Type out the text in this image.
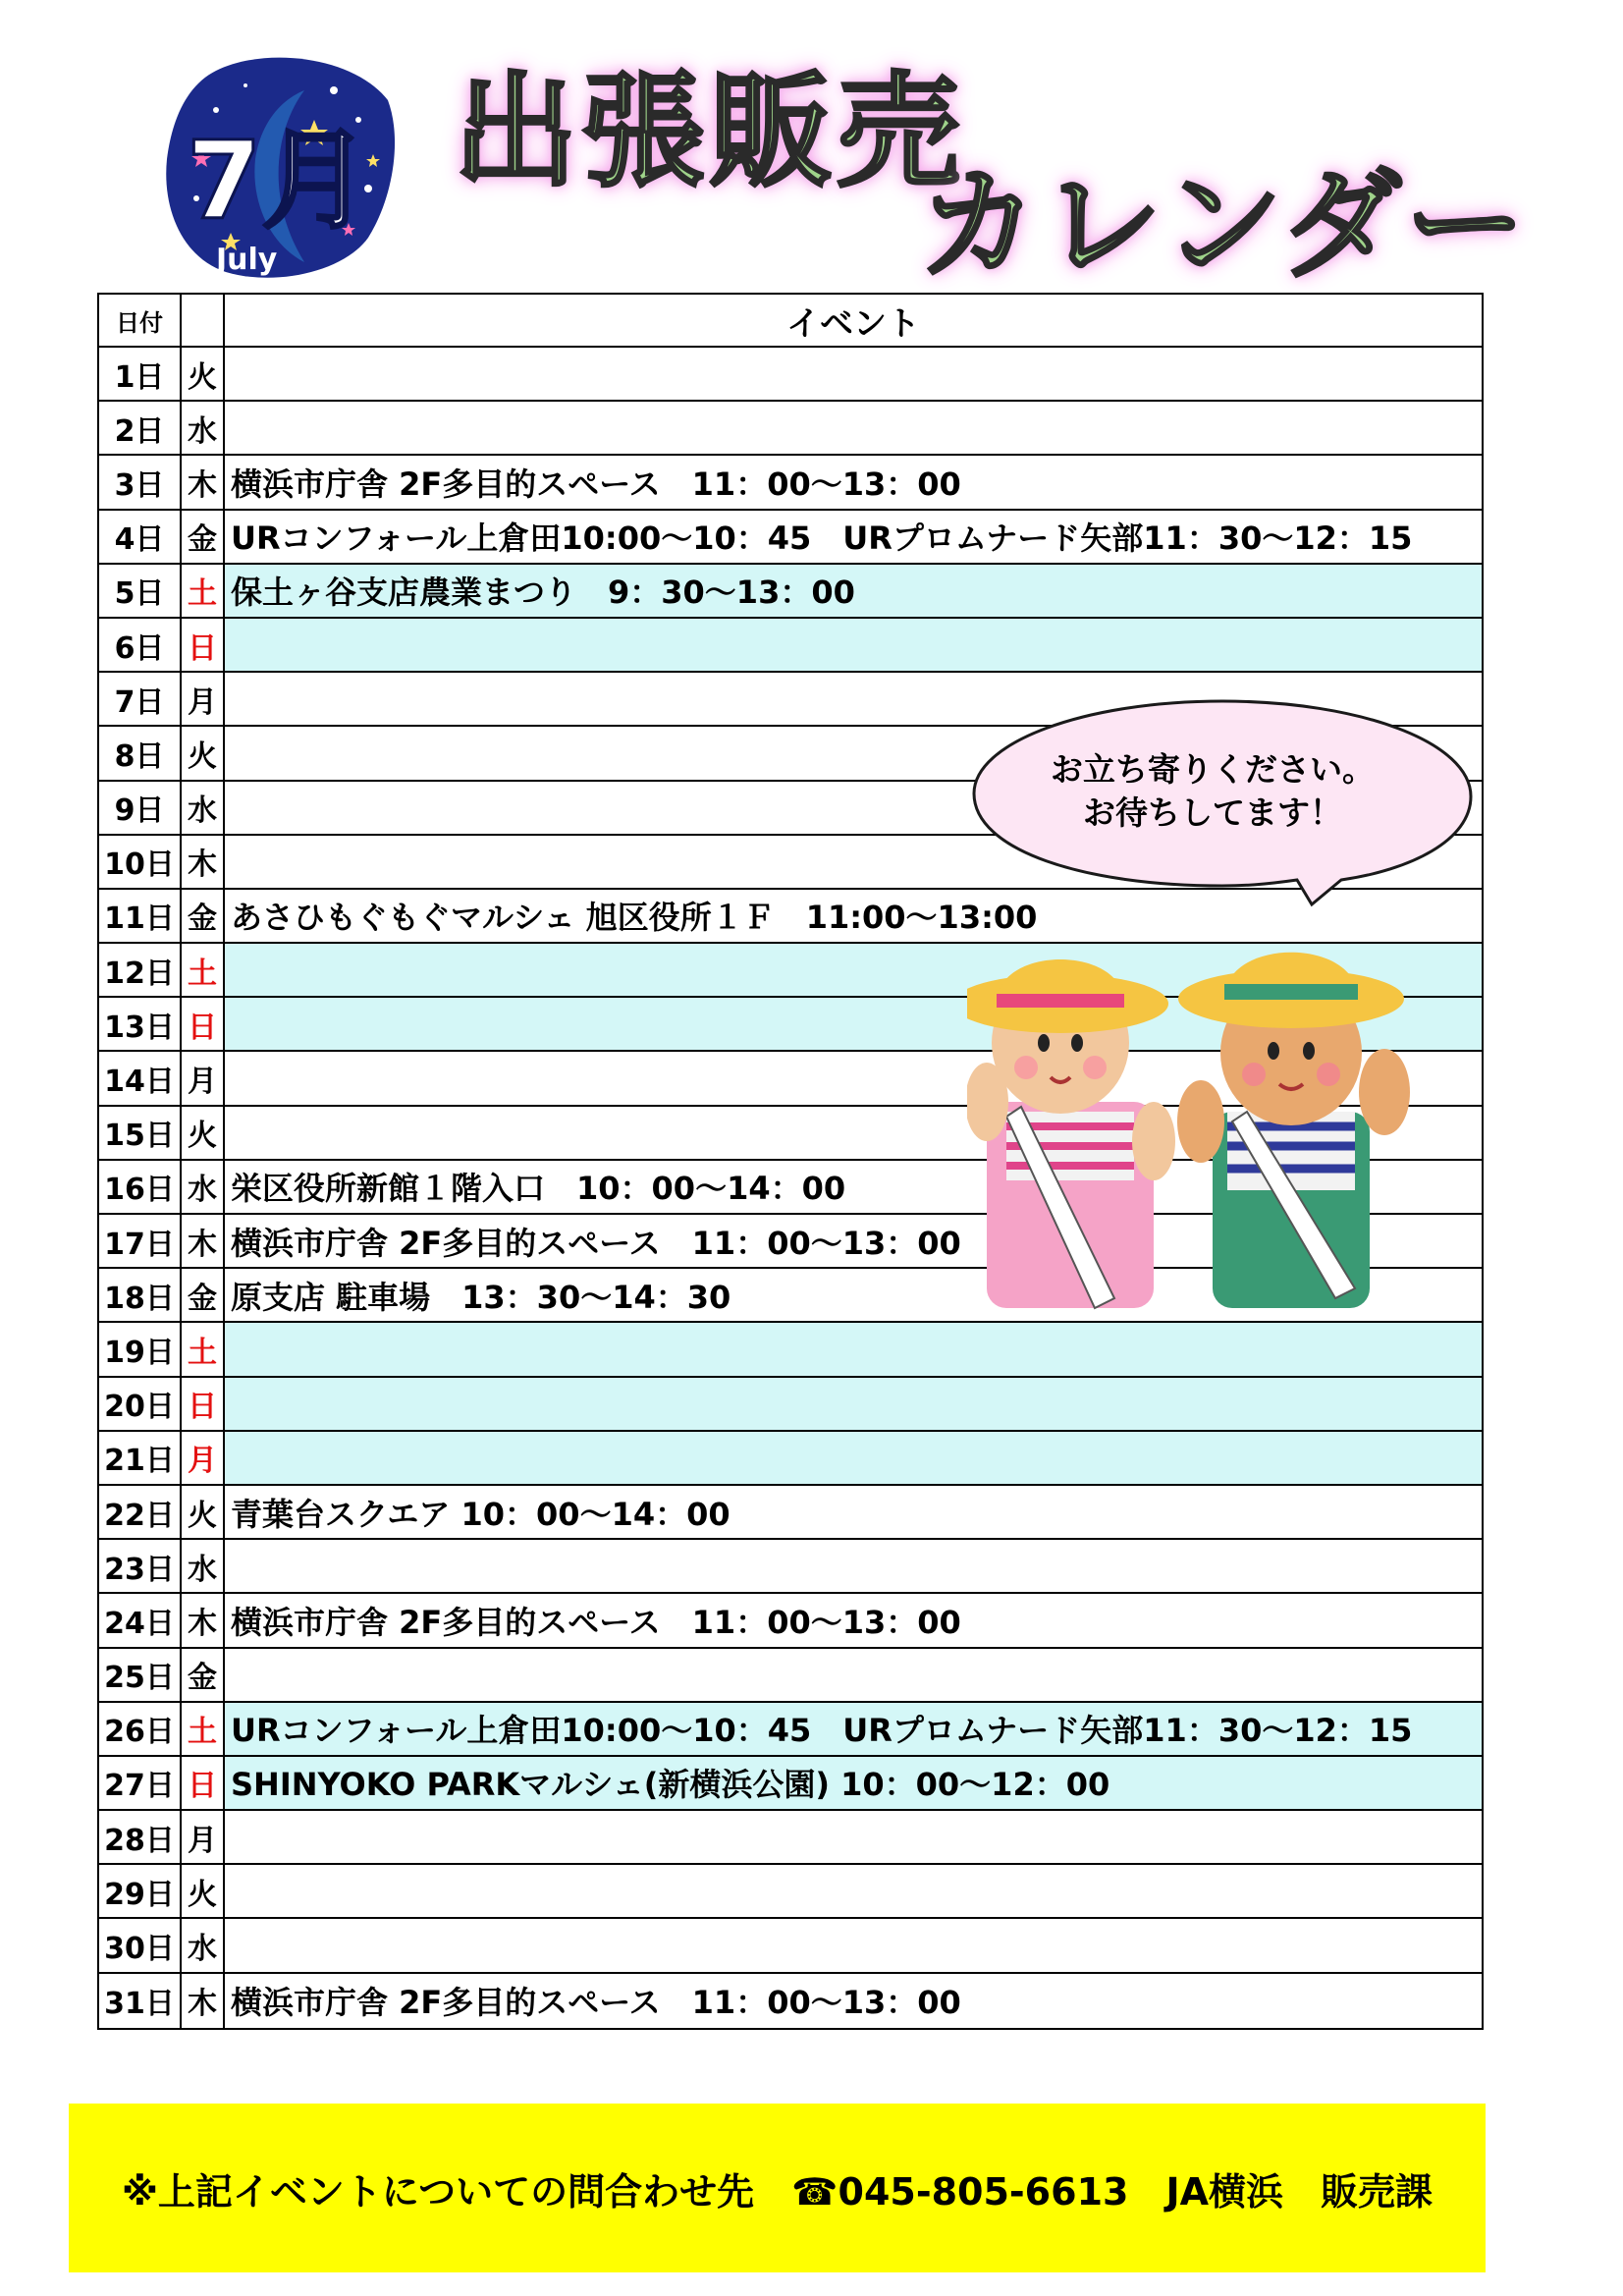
7月
July
出張販売
カレンダー
日付	イベント
1日 火
2日 水
3日 木 横浜市庁舎 2F多目的スペース　11：00～13：00
4日 金 URコンフォール上倉田10:00～10：45　URプロムナード矢部11：30～12：15
5日 土 保土ヶ谷支店農業まつり　9：30～13：00
6日 日
7日 月
8日 火
9日 水
10日 木
11日 金 あさひもぐもぐマルシェ 旭区役所１Ｆ　11:00～13:00
12日 土
13日 日
14日 月
15日 火
16日 水 栄区役所新館１階入口　10：00～14：00
17日 木 横浜市庁舎 2F多目的スペース　11：00～13：00
18日 金 原支店 駐車場　13：30～14：30
19日 土
20日 日
21日 月
22日 火 青葉台スクエア 10：00～14：00
23日 水
24日 木 横浜市庁舎 2F多目的スペース　11：00～13：00
25日 金
26日 土 URコンフォール上倉田10:00～10：45　URプロムナード矢部11：30～12：15
27日 日 SHINYOKO PARKマルシェ(新横浜公園) 10：00～12：00
28日 月
29日 火
30日 水
31日 木 横浜市庁舎 2F多目的スペース　11：00～13：00
お立ち寄りください。
お待ちしてます！
※上記イベントについての問合わせ先　☎045-805-6613　JA横浜　販売課
